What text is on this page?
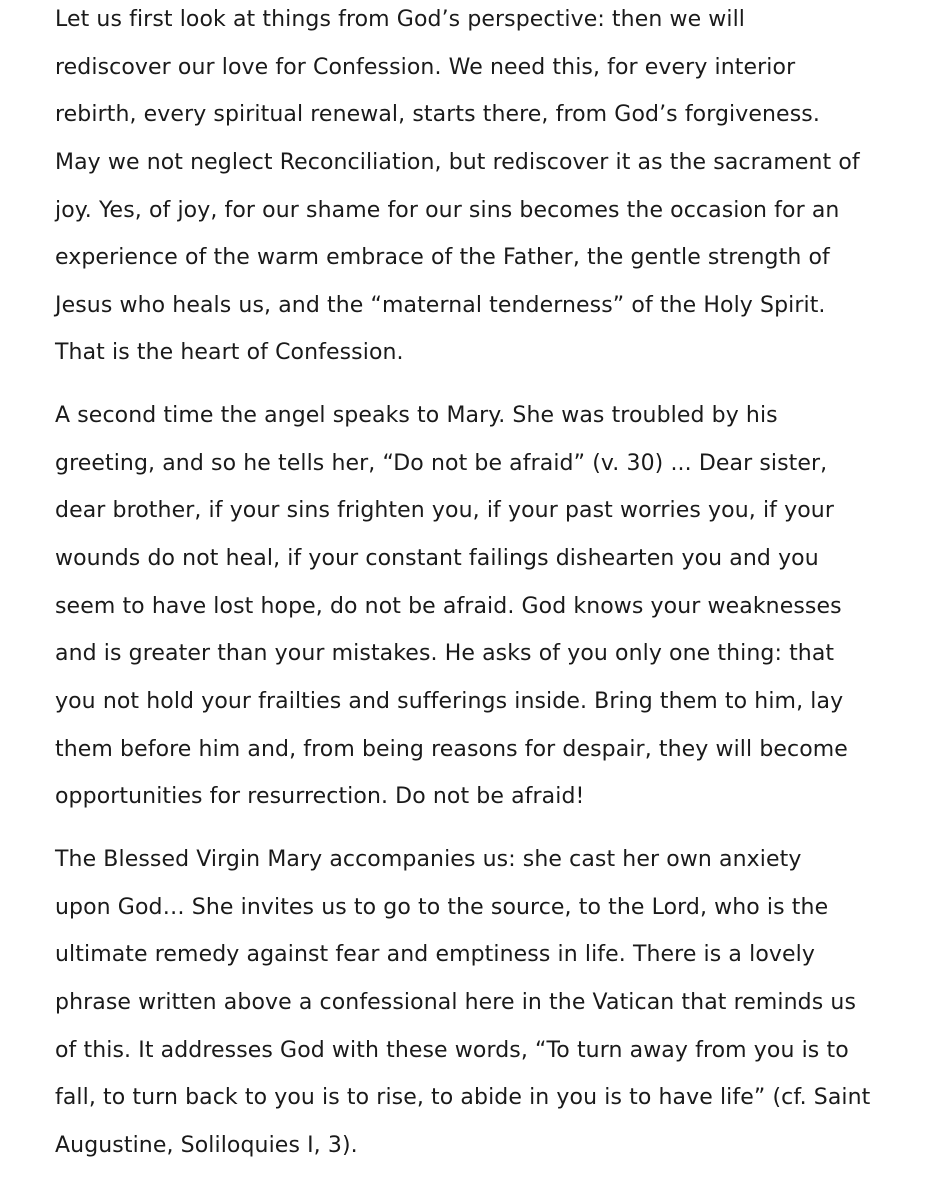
Let us first look at things from God’s perspective: then we will
rediscover our love for Confession. We need this, for every interior
rebirth, every spiritual renewal, starts there, from God’s forgiveness.
May we not neglect Reconciliation, but rediscover it as the sacrament of
joy. Yes, of joy, for our shame for our sins becomes the occasion for an
experience of the warm embrace of the Father, the gentle strength of
Jesus who heals us, and the “maternal tenderness” of the Holy Spirit.
That is the heart of Confession.
A second time the angel speaks to Mary. She was troubled by his
greeting, and so he tells her, “Do not be afraid” (v. 30) ... Dear sister,
dear brother, if your sins frighten you, if your past worries you, if your
wounds do not heal, if your constant failings dishearten you and you
seem to have lost hope, do not be afraid. God knows your weaknesses
and is greater than your mistakes. He asks of you only one thing: that
you not hold your frailties and sufferings inside. Bring them to him, lay
them before him and, from being reasons for despair, they will become
opportunities for resurrection. Do not be afraid!
The Blessed Virgin Mary accompanies us: she cast her own anxiety
upon God… She invites us to go to the source, to the Lord, who is the
ultimate remedy against fear and emptiness in life. There is a lovely
phrase written above a confessional here in the Vatican that reminds us
of this. It addresses God with these words, “To turn away from you is to
fall, to turn back to you is to rise, to abide in you is to have life” (cf. Saint
Augustine, Soliloquies I, 3).
